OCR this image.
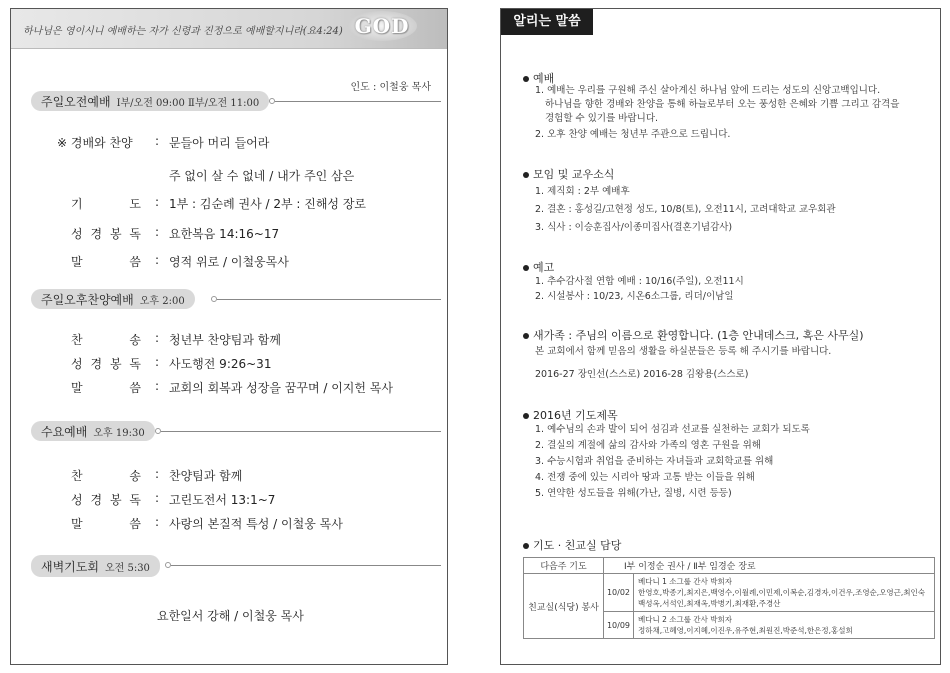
하나님은 영이시니 예배하는 자가 신령과 진정으로 예배할지니라(요4:24) GOD
인도 : 이철웅 목사
주일오전예배 Ⅰ부/오전 09:00 Ⅱ부/오전 11:00
※ 경배와 찬양	: 문들아 머리 들어라
주 없이 살 수 없네 / 내가 주인 삼은
기 도 : 1부 : 김순례 권사 / 2부 : 진해성 장로
성 경 봉 독 : 요한복음 14:16~17
말 씀 : 영적 위로 / 이철웅목사
주일오후찬양예배 오후 2:00
찬 송 : 청년부 찬양팀과 함께
성 경 봉 독 : 사도행전 9:26~31
말 씀 : 교회의 회복과 성장을 꿈꾸며 / 이지헌 목사
수요예배 오후 19:30
찬 송 : 찬양팀과 함께
성 경 봉 독 : 고린도전서 13:1~7
말 씀 : 사랑의 본질적 특성 / 이철웅 목사
새벽기도회 오전 5:30
요한일서 강해 / 이철웅 목사
알리는 말씀
예배
1. 예배는 우리를 구원해 주신 살아계신 하나님 앞에 드리는 성도의 신앙고백입니다.
하나님을 향한 경배와 찬양을 통해 하늘로부터 오는 풍성한 은혜와 기쁨 그리고 감격을
경험할 수 있기를 바랍니다.
2. 오후 찬양 예배는 청년부 주관으로 드립니다.
모임 및 교우소식
1. 제직회 : 2부 예배후
2. 결혼 : 홍성길/고현정 성도, 10/8(토), 오전11시, 고려대학교 교우회관
3. 식사 : 이승훈집사/이종미집사(결혼기념감사)
예고
1. 추수감사절 연합 예배 : 10/16(주일), 오전11시
2. 시설봉사 : 10/23, 시온6소그룹, 리더/이남일
새가족 : 주님의 이름으로 환영합니다. (1층 안내데스크, 혹은 사무실)
본 교회에서 함께 믿음의 생활을 하실분들은 등록 해 주시기를 바랍니다.
2016-27 장인선(스스로) 2016-28 김왕용(스스로)
2016년 기도제목
1. 예수님의 손과 발이 되어 섬김과 선교를 실천하는 교회가 되도록
2. 결실의 계절에 삶의 감사와 가족의 영혼 구원을 위해
3. 수능시험과 취업을 준비하는 자녀들과 교회학교를 위해
4. 전쟁 중에 있는 시리아 땅과 고통 받는 이들을 위해
5. 연약한 성도들을 위해(가난, 질병, 시련 등등)
기도 · 친교실 담당
다음주 기도	Ⅰ부 이정순 권사 / Ⅱ부 임경순 장로	
친교실(식당) 봉사	10/02	베다니 1 소그룹 간사 박희자
한영호,박종기,최지은,백영수,이월례,이민제,이복순,김경자,이건우,조영순,오영근,최인숙
백성옥,서석인,최재옥,박병기,최재환,주경산

	10/09	베다니 2 소그룹 간사 박희자
정하채,고혜영,이지혜,이진우,유주현,최원진,박준석,한은정,홍설희
